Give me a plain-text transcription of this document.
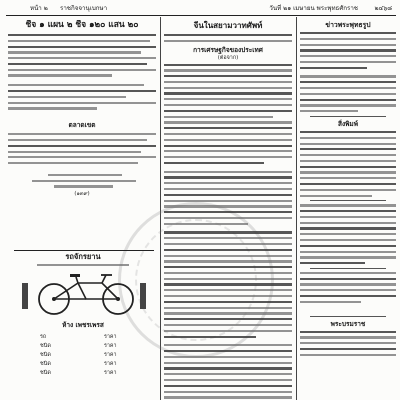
หน้า ๒ ราชกิจจานุเบกษา	วันที่ ๒๑ เมษายน พระพุทธศักราช	๒๔๖๘
ชีจ ๑ แผน ๒ ชีจ ๑๒๐ แสน ๒๐
ตลาดเขต
(๑๓๙)
รถจักรยาน
ห้าง เพชรเพรส
รถ	ราคา
ชนิด	ราคา
ชนิด	ราคา
ชนิด	ราคา
ชนิด	ราคา
จีนในสยามวาทศัพท์
การเศรษฐกิจของประเทศ
(ต่อจาก)
ข่าวพระพุทธรูป
สิ่งพิมพ์
พระบรมราช
